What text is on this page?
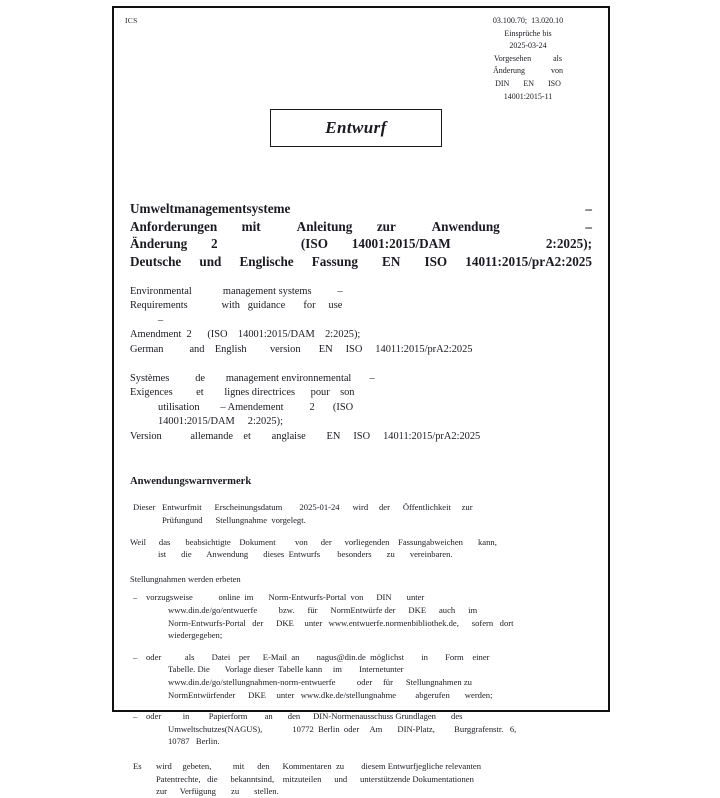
ICS	03.100.70;  13.020.10
Einsprüche bis
2025-03-24
Vorgesehen           als
Änderung             von
DIN       EN       ISO
14001:2015-11
Entwurf
Umweltmanagementsysteme                 –
Anforderungen  mit   Anleitung  zur   Anwendung       –
Änderung  2       (ISO  14001:2015/DAM        2:2025);
Deutsche   und   Englische   Fassung    EN    ISO   14011:2015/prA2:2025
Environmental            management systems          –
Requirements             with   guidance       for     use
–
Amendment  2      (ISO    14001:2015/DAM    2:2025);
German          and    English         version       EN     ISO     14011:2015/prA2:2025
Systèmes          de        management environnemental       –
Exigences         et        lignes directrices      pour    son
utilisation        – Amendement          2       (ISO
14001:2015/DAM     2:2025);
Version           allemande    et        anglaise        EN     ISO     14011:2015/prA2:2025
Anwendungswarnvermerk
Dieser Entwurfmit      Erscheinungsdatum        2025-01-24      wird     der      Öffentlichkeit     zur
Prüfungund      Stellungnahme  vorgelegt.
Weil      das       beabsichtigte    Dokument         von      der      vorliegenden    Fassungabweichen       kann,
ist       die       Anwendung       dieses  Entwurfs        besonders       zu       vereinbaren.
Stellungnahmen werden erbeten
–	vorzugsweise            online  im       Norm-Entwurfs-Portal  von      DIN       unter
www.din.de/go/entwuerfe          bzw.      für      NormEntwürfe der      DKE      auch      im
Norm-Entwurfs-Portal   der      DKE     unter   www.entwuerfe.normenbibliothek.de,      sofern   dort
wiedergegeben;
–	oder           als        Datei    per      E-Mail  an        nagus@din.de  möglichst        in        Form    einer
Tabelle. Die       Vorlage dieser  Tabelle kann     im        Internetunter
www.din.de/go/stellungnahmen-norm-entwuerfe          oder     für      Stellungnahmen zu
NormEntwürfender      DKE     unter   www.dke.de/stellungnahme         abgerufen       werden;
–	oder          in         Papierform        an       den      DIN-Normenausschuss Grundlagen       des
Umweltschutzes(NAGUS),              10772  Berlin  oder     Am       DIN-Platz,         Burggrafenstr.   6,
10787   Berlin.
Es	wird     gebeten,          mit      den      Kommentaren  zu        diesem Entwurfjegliche relevanten
Patentrechte,   die      bekanntsind,    mitzuteilen      und      unterstützende Dokumentationen
zur      Verfügung       zu       stellen.
